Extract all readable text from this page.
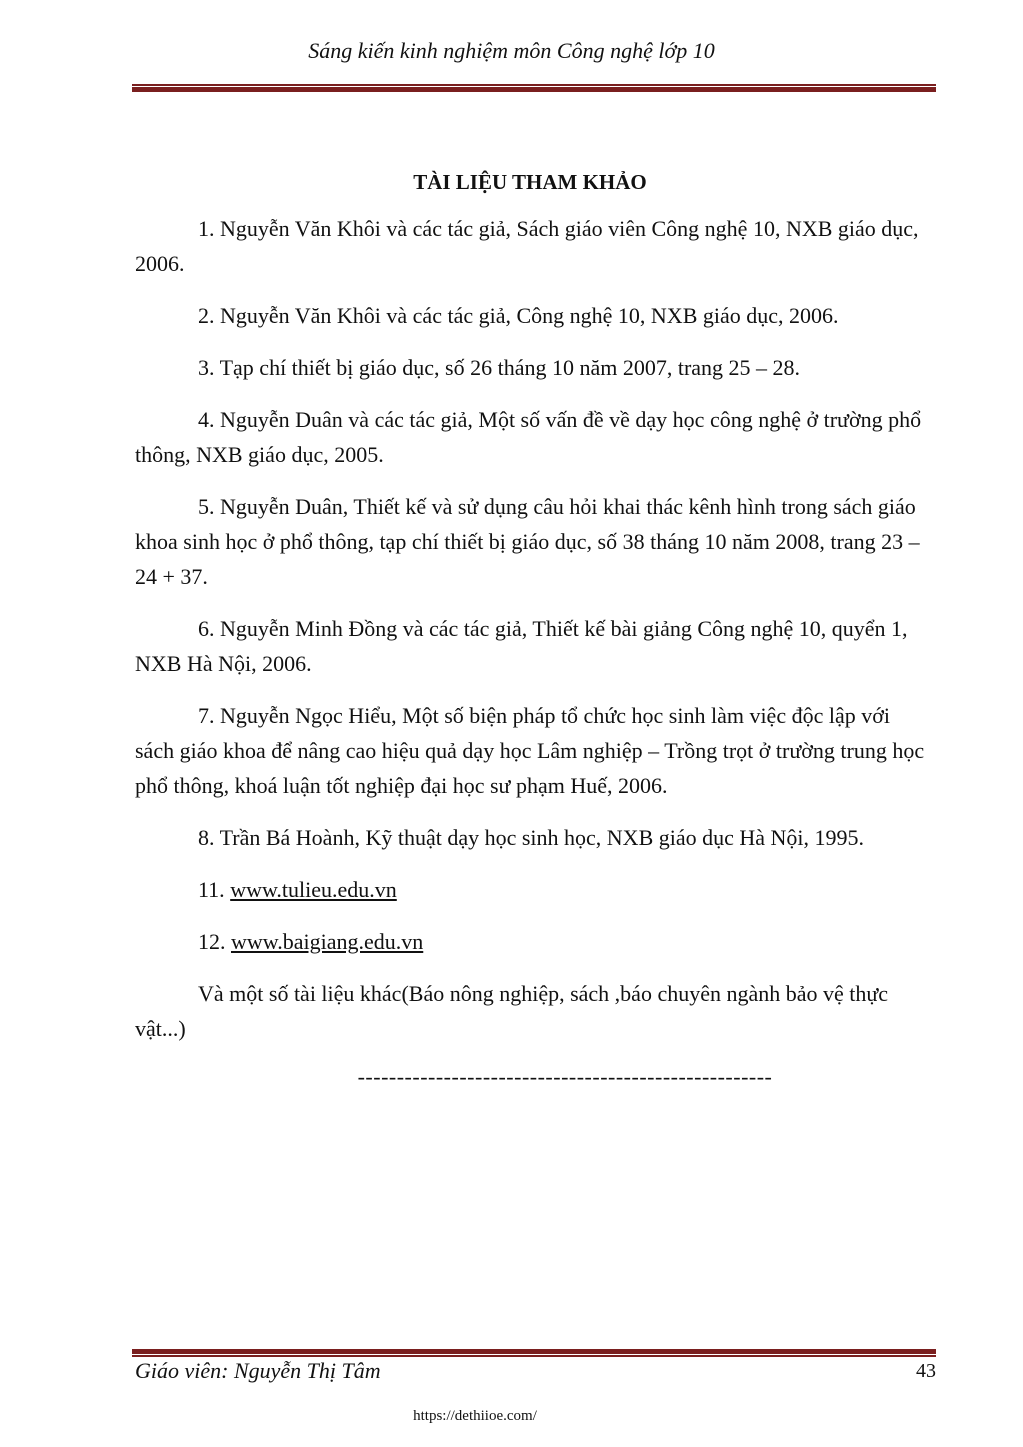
Sáng kiến kinh nghiệm môn Công nghệ lớp 10
TÀI LIỆU THAM KHẢO

1. Nguyễn Văn Khôi và các tác giả, Sách giáo viên Công nghệ 10, NXB giáo dục, 2006.

2. Nguyễn Văn Khôi và các tác giả, Công nghệ 10, NXB giáo dục, 2006.

3. Tạp chí thiết bị giáo dục, số 26 tháng 10 năm 2007, trang 25 – 28.

4. Nguyễn Duân và các tác giả, Một số vấn đề về dạy học công nghệ ở trường phổ thông, NXB giáo dục, 2005.

5. Nguyễn Duân, Thiết kế và sử dụng câu hỏi khai thác kênh hình trong sách giáo khoa sinh học ở phổ thông, tạp chí thiết bị giáo dục, số 38 tháng 10 năm 2008, trang 23 – 24 + 37.

6. Nguyễn Minh Đồng và các tác giả, Thiết kế bài giảng Công nghệ 10, quyển 1, NXB Hà Nội, 2006.

7. Nguyễn Ngọc Hiểu, Một số biện pháp tổ chức học sinh làm việc độc lập với sách giáo khoa để nâng cao hiệu quả dạy học Lâm nghiệp – Trồng trọt ở trường trung học phổ thông, khoá luận tốt nghiệp đại học sư phạm Huế, 2006.

8. Trần Bá Hoành, Kỹ thuật dạy học sinh học, NXB giáo dục Hà Nội, 1995.

11. www.tulieu.edu.vn

12. www.baigiang.edu.vn

Và một số tài liệu khác(Báo nông nghiệp, sách ,báo chuyên ngành bảo vệ thực vật...)

-----------------------------------------------------
Giáo viên: Nguyễn Thị Tâm	43
https://dethiioe.com/
